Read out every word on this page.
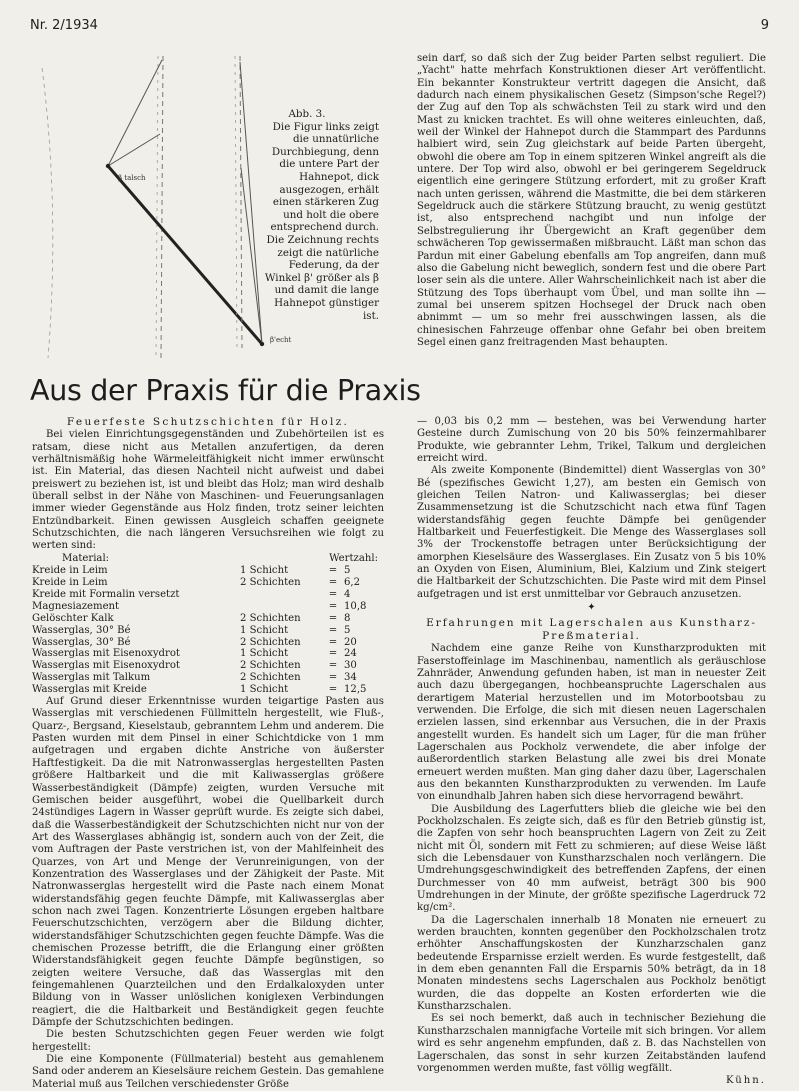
Nr. 2/1934	9
β talsch
β'echt
Abb. 3.
Die Figur links zeigt die unnatürliche Durchbiegung, denn die untere Part der Hahnepot, dick ausgezogen, erhält einen stärkeren Zug und holt die obere entsprechend durch. Die Zeichnung rechts zeigt die natürliche Federung, da der Winkel β' größer als β und damit die lange Hahnepot günstiger ist.

sein darf, so daß sich der Zug beider Parten selbst reguliert. Die „Yacht" hatte mehrfach Konstruktionen dieser Art veröffentlicht. Ein bekannter Konstrukteur vertritt dagegen die Ansicht, daß dadurch nach einem physikalischen Gesetz (Simpson'sche Regel?) der Zug auf den Top als schwächsten Teil zu stark wird und den Mast zu knicken trachtet. Es will ohne weiteres einleuchten, daß, weil der Winkel der Hahnepot durch die Stammpart des Pardunns halbiert wird, sein Zug gleichstark auf beide Parten übergeht, obwohl die obere am Top in einem spitzeren Winkel angreift als die untere. Der Top wird also, obwohl er bei geringerem Segeldruck eigentlich eine geringere Stützung erfordert, mit zu großer Kraft nach unten gerissen, während die Mastmitte, die bei dem stärkeren Segeldruck auch die stärkere Stützung braucht, zu wenig gestützt ist, also entsprechend nachgibt und nun infolge der Selbstregulierung ihr Übergewicht an Kraft gegenüber dem schwächeren Top gewissermaßen mißbraucht. Läßt man schon das Pardun mit einer Gabelung ebenfalls am Top angreifen, dann muß also die Gabelung nicht beweglich, sondern fest und die obere Part loser sein als die untere. Aller Wahrscheinlichkeit nach ist aber die Stützung des Tops überhaupt vom Übel, und man sollte ihn — zumal bei unserem spitzen Hochsegel der Druck nach oben abnimmt — um so mehr frei ausschwingen lassen, als die chinesischen Fahrzeuge offenbar ohne Gefahr bei oben breitem Segel einen ganz freitragenden Mast behaupten.

Aus der Praxis für die Praxis
Feuerfeste Schutzschichten für Holz.

Bei vielen Einrichtungsgegenständen und Zubehörteilen ist es ratsam, diese nicht aus Metallen anzufertigen, da deren verhältnismäßig hohe Wärmeleitfähigkeit nicht immer erwünscht ist. Ein Material, das diesen Nachteil nicht aufweist und dabei preiswert zu beziehen ist, ist und bleibt das Holz; man wird deshalb überall selbst in der Nähe von Maschinen- und Feuerungsanlagen immer wieder Gegenstände aus Holz finden, trotz seiner leichten Entzündbarkeit. Einen gewissen Ausgleich schaffen geeignete Schutzschichten, die nach längeren Versuchsreihen wie folgt zu werten sind:

Material:	Wertzahl:
Kreide in Leim	1 Schicht	=	5
Kreide in Leim	2 Schichten	=	6,2
Kreide mit Formalin versetzt		=	4
Magnesiazement		=	10,8
Gelöschter Kalk	2 Schichten	=	8
Wasserglas, 30° Bé	1 Schicht	=	5
Wasserglas, 30° Bé	2 Schichten	=	20
Wasserglas mit Eisenoxydrot	1 Schicht	=	24
Wasserglas mit Eisenoxydrot	2 Schichten	=	30
Wasserglas mit Talkum	2 Schichten	=	34
Wasserglas mit Kreide	1 Schicht	=	12,5

Auf Grund dieser Erkenntnisse wurden teigartige Pasten aus Wasserglas mit verschiedenen Füllmitteln hergestellt, wie Fluß-, Quarz-, Bergsand, Kieselstaub, gebranntem Lehm und anderem. Die Pasten wurden mit dem Pinsel in einer Schichtdicke von 1 mm aufgetragen und ergaben dichte Anstriche von äußerster Haftfestigkeit. Da die mit Natronwasserglas hergestellten Pasten größere Haltbarkeit und die mit Kaliwasserglas größere Wasserbeständigkeit (Dämpfe) zeigten, wurden Versuche mit Gemischen beider ausgeführt, wobei die Quellbarkeit durch 24stündiges Lagern in Wasser geprüft wurde. Es zeigte sich dabei, daß die Wasserbeständigkeit der Schutzschichten nicht nur von der Art des Wasserglases abhängig ist, sondern auch von der Zeit, die vom Auftragen der Paste verstrichen ist, von der Mahlfeinheit des Quarzes, von Art und Menge der Verunreinigungen, von der Konzentration des Wasserglases und der Zähigkeit der Paste. Mit Natronwasserglas hergestellt wird die Paste nach einem Monat widerstandsfähig gegen feuchte Dämpfe, mit Kaliwasserglas aber schon nach zwei Tagen. Konzentrierte Lösungen ergeben haltbare Feuerschutzschichten, verzögern aber die Bildung dichter, widerstandsfähiger Schutzschichten gegen feuchte Dämpfe. Was die chemischen Prozesse betrifft, die die Erlangung einer größten Widerstandsfähigkeit gegen feuchte Dämpfe begünstigen, so zeigten weitere Versuche, daß das Wasserglas mit den feingemahlenen Quarzteilchen und den Erdalkaloxyden unter Bildung von in Wasser unlöslichen koniglexen Verbindungen reagiert, die die Haltbarkeit und Beständigkeit gegen feuchte Dämpfe der Schutzschichten bedingen.

Die besten Schutzschichten gegen Feuer werden wie folgt hergestellt:

Die eine Komponente (Füllmaterial) besteht aus gemahlenem Sand oder anderem an Kieselsäure reichem Gestein. Das gemahlene Material muß aus Teilchen verschiedenster Größe

— 0,03 bis 0,2 mm — bestehen, was bei Verwendung harter Gesteine durch Zumischung von 20 bis 50% feinzermahlbarer Produkte, wie gebrannter Lehm, Trikel, Talkum und dergleichen erreicht wird.

Als zweite Komponente (Bindemittel) dient Wasserglas von 30° Bé (spezifisches Gewicht 1,27), am besten ein Gemisch von gleichen Teilen Natron- und Kaliwasserglas; bei dieser Zusammensetzung ist die Schutzschicht nach etwa fünf Tagen widerstandsfähig gegen feuchte Dämpfe bei genügender Haltbarkeit und Feuerfestigkeit. Die Menge des Wasserglases soll 3% der Trockenstoffe betragen unter Berücksichtigung der amorphen Kieselsäure des Wasserglases. Ein Zusatz von 5 bis 10% an Oxyden von Eisen, Aluminium, Blei, Kalzium und Zink steigert die Haltbarkeit der Schutzschichten. Die Paste wird mit dem Pinsel aufgetragen und ist erst unmittelbar vor Gebrauch anzusetzen.

✦
Erfahrungen mit Lagerschalen aus Kunstharz-Preßmaterial.

Nachdem eine ganze Reihe von Kunstharzprodukten mit Faserstoffeinlage im Maschinenbau, namentlich als geräuschlose Zahnräder, Anwendung gefunden haben, ist man in neuester Zeit auch dazu übergegangen, hochbeanspruchte Lagerschalen aus derartigem Material herzustellen und im Motorbootsbau zu verwenden. Die Erfolge, die sich mit diesen neuen Lagerschalen erzielen lassen, sind erkennbar aus Versuchen, die in der Praxis angestellt wurden. Es handelt sich um Lager, für die man früher Lagerschalen aus Pockholz verwendete, die aber infolge der außerordentlich starken Belastung alle zwei bis drei Monate erneuert werden mußten. Man ging daher dazu über, Lagerschalen aus den bekannten Kunstharzprodukten zu verwenden. Im Laufe von einundhalb Jahren haben sich diese hervorragend bewährt.

Die Ausbildung des Lagerfutters blieb die gleiche wie bei den Pockholzschalen. Es zeigte sich, daß es für den Betrieb günstig ist, die Zapfen von sehr hoch beanspruchten Lagern von Zeit zu Zeit nicht mit Öl, sondern mit Fett zu schmieren; auf diese Weise läßt sich die Lebensdauer von Kunstharzschalen noch verlängern. Die Umdrehungsgeschwindigkeit des betreffenden Zapfens, der einen Durchmesser von 40 mm aufweist, beträgt 300 bis 900 Umdrehungen in der Minute, der größte spezifische Lagerdruck 72 kg/cm².

Da die Lagerschalen innerhalb 18 Monaten nie erneuert zu werden brauchten, konnten gegenüber den Pockholzschalen trotz erhöhter Anschaffungskosten der Kunzharzschalen ganz bedeutende Ersparnisse erzielt werden. Es wurde festgestellt, daß in dem eben genannten Fall die Ersparnis 50% beträgt, da in 18 Monaten mindestens sechs Lagerschalen aus Pockholz benötigt wurden, die das doppelte an Kosten erforderten wie die Kunstharzschalen.

Es sei noch bemerkt, daß auch in technischer Beziehung die Kunstharzschalen mannigfache Vorteile mit sich bringen. Vor allem wird es sehr angenehm empfunden, daß z. B. das Nachstellen von Lagerschalen, das sonst in sehr kurzen Zeitabständen laufend vorgenommen werden mußte, fast völlig wegfällt.

Kühn.
